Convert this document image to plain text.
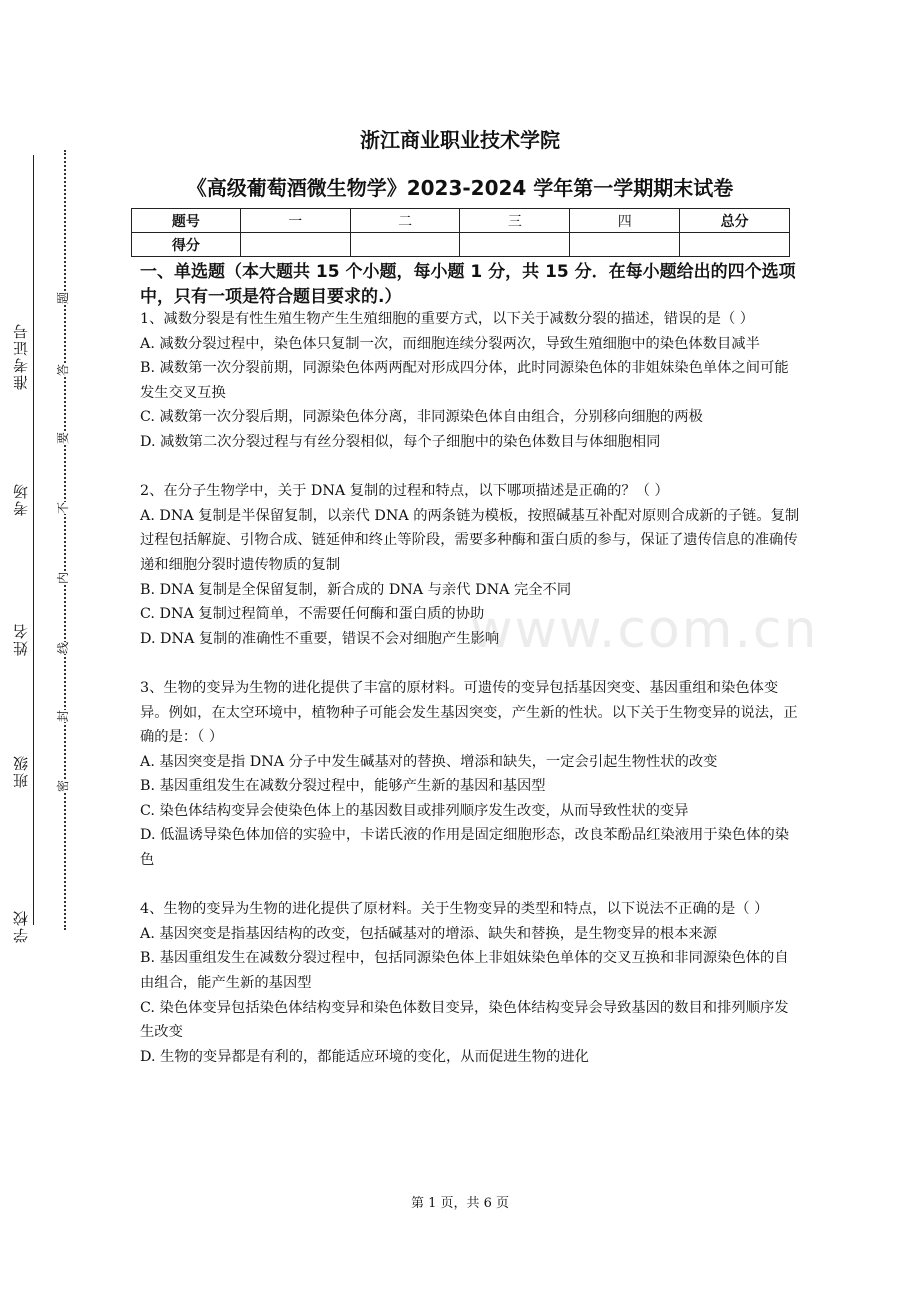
准考证号
考场
姓名
班级
学校
题
答
要
不
内
线
封
密
浙江商业职业技术学院
《高级葡萄酒微生物学》2023-2024 学年第一学期期末试卷
题号	一	二	三	四	总分
得分					
一、单选题（本大题共 15 个小题，每小题 1 分，共 15 分．在每小题给出的四个选项中，只有一项是符合题目要求的.）

1、减数分裂是有性生殖生物产生生殖细胞的重要方式，以下关于减数分裂的描述，错误的是（ ）

A. 减数分裂过程中，染色体只复制一次，而细胞连续分裂两次，导致生殖细胞中的染色体数目减半

B. 减数第一次分裂前期，同源染色体两两配对形成四分体，此时同源染色体的非姐妹染色单体之间可能发生交叉互换

C. 减数第一次分裂后期，同源染色体分离，非同源染色体自由组合，分别移向细胞的两极

D. 减数第二次分裂过程与有丝分裂相似，每个子细胞中的染色体数目与体细胞相同

2、在分子生物学中，关于 DNA 复制的过程和特点，以下哪项描述是正确的？（ ）

A. DNA 复制是半保留复制，以亲代 DNA 的两条链为模板，按照碱基互补配对原则合成新的子链。复制过程包括解旋、引物合成、链延伸和终止等阶段，需要多种酶和蛋白质的参与，保证了遗传信息的准确传递和细胞分裂时遗传物质的复制

B. DNA 复制是全保留复制，新合成的 DNA 与亲代 DNA 完全不同

C. DNA 复制过程简单，不需要任何酶和蛋白质的协助

D. DNA 复制的准确性不重要，错误不会对细胞产生影响

3、生物的变异为生物的进化提供了丰富的原材料。可遗传的变异包括基因突变、基因重组和染色体变异。例如，在太空环境中，植物种子可能会发生基因突变，产生新的性状。以下关于生物变异的说法，正确的是：（ ）

A. 基因突变是指 DNA 分子中发生碱基对的替换、增添和缺失，一定会引起生物性状的改变

B. 基因重组发生在减数分裂过程中，能够产生新的基因和基因型

C. 染色体结构变异会使染色体上的基因数目或排列顺序发生改变，从而导致性状的变异

D. 低温诱导染色体加倍的实验中，卡诺氏液的作用是固定细胞形态，改良苯酚品红染液用于染色体的染色

4、生物的变异为生物的进化提供了原材料。关于生物变异的类型和特点，以下说法不正确的是（ ）

A. 基因突变是指基因结构的改变，包括碱基对的增添、缺失和替换，是生物变异的根本来源

B. 基因重组发生在减数分裂过程中，包括同源染色体上非姐妹染色单体的交叉互换和非同源染色体的自由组合，能产生新的基因型

C. 染色体变异包括染色体结构变异和染色体数目变异，染色体结构变异会导致基因的数目和排列顺序发生改变

D. 生物的变异都是有利的，都能适应环境的变化，从而促进生物的进化

www.com.cn
第 1 页，共 6 页
